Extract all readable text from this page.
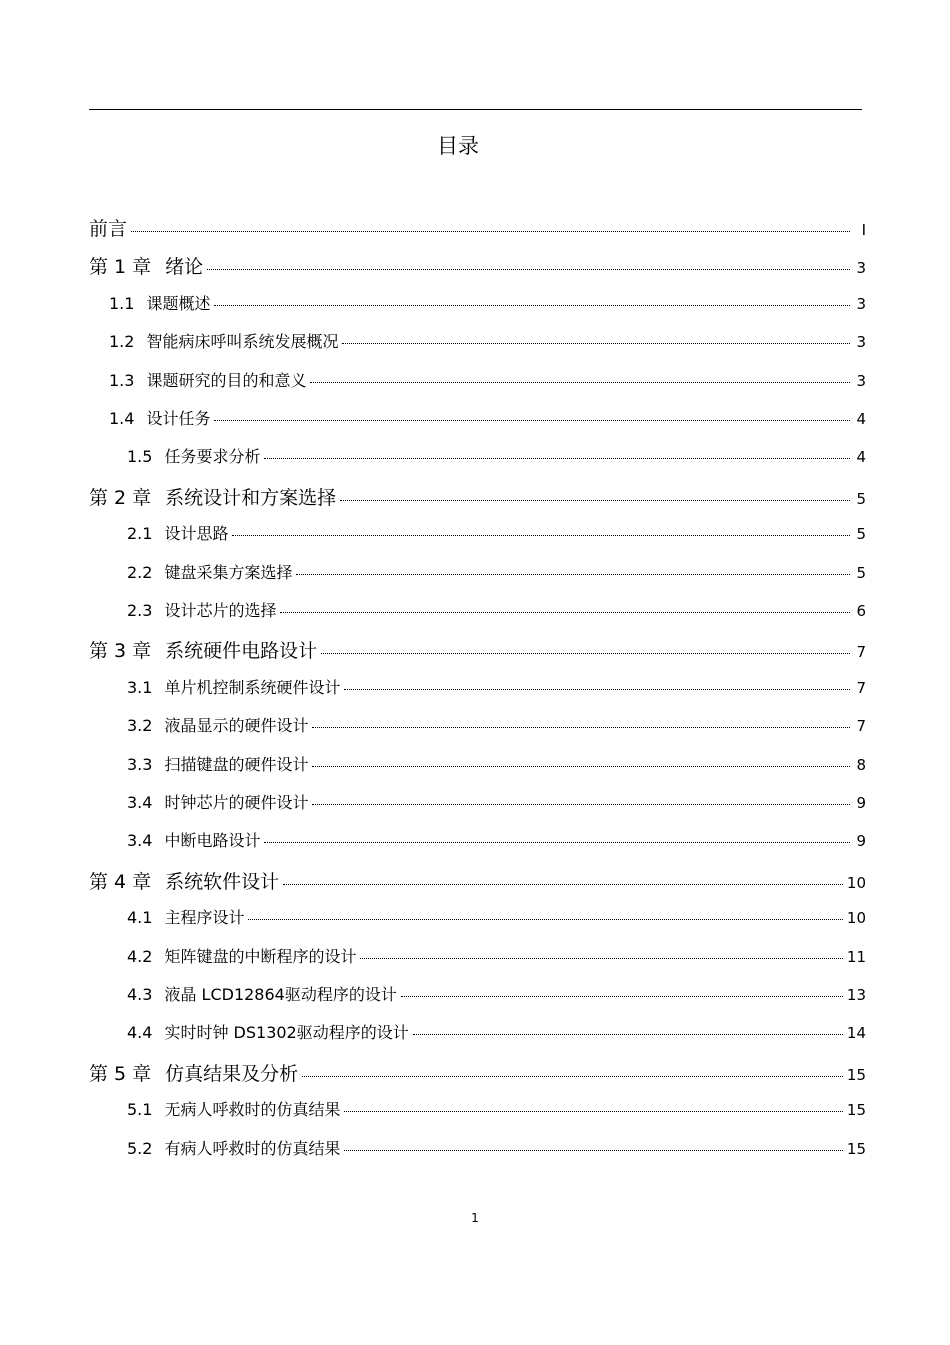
目录
前言	I
第 1 章 绪论	3
1.1 课题概述	3
1.2 智能病床呼叫系统发展概况	3
1.3 课题研究的目的和意义	3
1.4 设计任务	4
1.5 任务要求分析	4
第 2 章 系统设计和方案选择	5
2.1 设计思路	5
2.2 键盘采集方案选择	5
2.3 设计芯片的选择	6
第 3 章 系统硬件电路设计	7
3.1 单片机控制系统硬件设计	7
3.2 液晶显示的硬件设计	7
3.3 扫描键盘的硬件设计	8
3.4 时钟芯片的硬件设计	9
3.4 中断电路设计	9
第 4 章 系统软件设计	10
4.1 主程序设计	10
4.2 矩阵键盘的中断程序的设计	11
4.3 液晶 LCD12864驱动程序的设计	13
4.4 实时时钟 DS1302驱动程序的设计	14
第 5 章 仿真结果及分析	15
5.1 无病人呼救时的仿真结果	15
5.2 有病人呼救时的仿真结果	15
1
